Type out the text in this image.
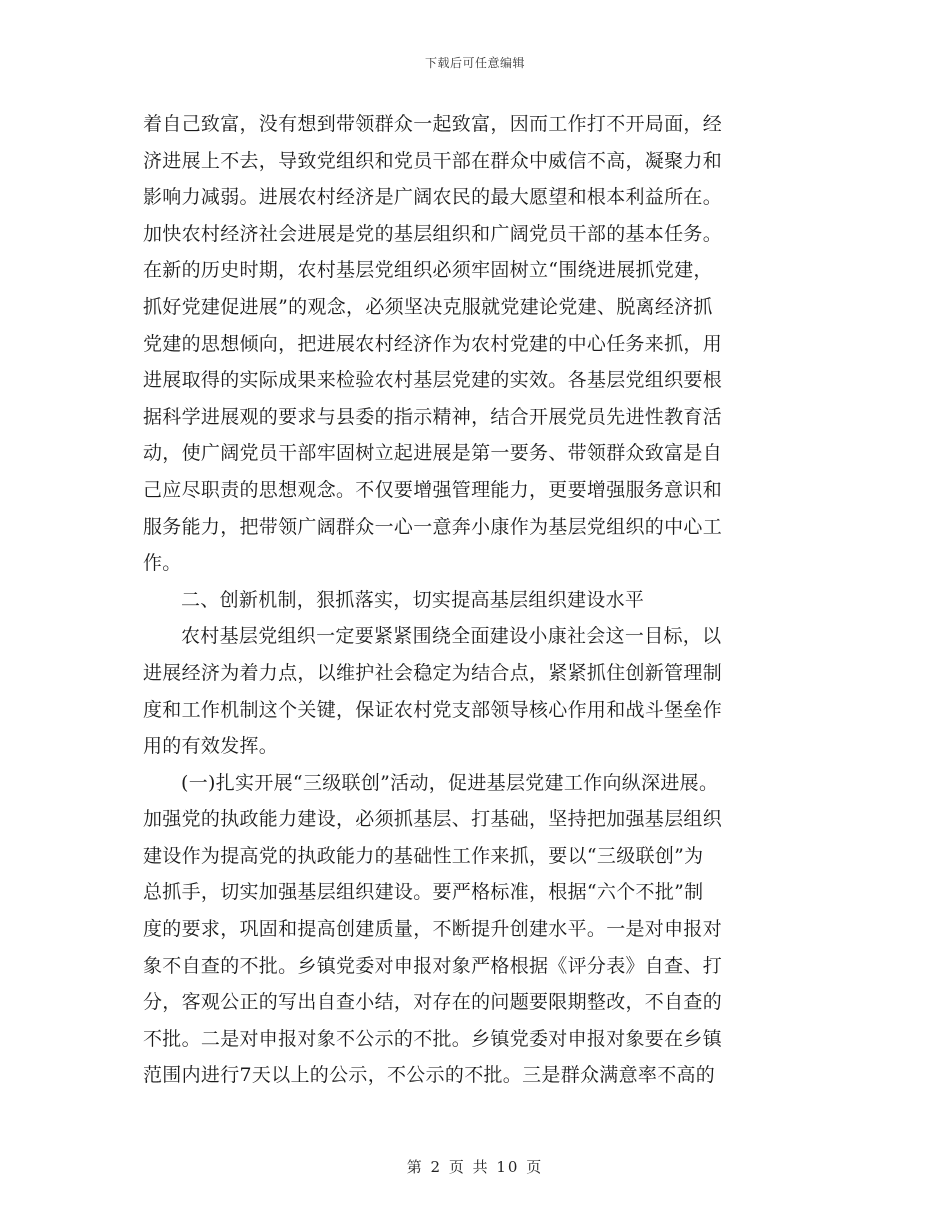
下载后可任意编辑

着自己致富，没有想到带领群众一起致富，因而工作打不开局面，经
济进展上不去，导致党组织和党员干部在群众中威信不高，凝聚力和
影响力减弱。进展农村经济是广阔农民的最大愿望和根本利益所在。
加快农村经济社会进展是党的基层组织和广阔党员干部的基本任务。
在新的历史时期，农村基层党组织必须牢固树立“围绕进展抓党建，
抓好党建促进展”的观念，必须坚决克服就党建论党建、脱离经济抓
党建的思想倾向，把进展农村经济作为农村党建的中心任务来抓，用
进展取得的实际成果来检验农村基层党建的实效。各基层党组织要根
据科学进展观的要求与县委的指示精神，结合开展党员先进性教育活
动，使广阔党员干部牢固树立起进展是第一要务、带领群众致富是自
己应尽职责的思想观念。不仅要增强管理能力，更要增强服务意识和
服务能力，把带领广阔群众一心一意奔小康作为基层党组织的中心工
作。

二、创新机制，狠抓落实，切实提高基层组织建设水平

农村基层党组织一定要紧紧围绕全面建设小康社会这一目标，以
进展经济为着力点，以维护社会稳定为结合点，紧紧抓住创新管理制
度和工作机制这个关键，保证农村党支部领导核心作用和战斗堡垒作
用的有效发挥。

(一)扎实开展“三级联创”活动，促进基层党建工作向纵深进展。
加强党的执政能力建设，必须抓基层、打基础，坚持把加强基层组织
建设作为提高党的执政能力的基础性工作来抓，要以“三级联创”为
总抓手，切实加强基层组织建设。要严格标准，根据“六个不批”制
度的要求，巩固和提高创建质量，不断提升创建水平。一是对申报对
象不自查的不批。乡镇党委对申报对象严格根据《评分表》自查、打
分，客观公正的写出自查小结，对存在的问题要限期整改，不自查的
不批。二是对申报对象不公示的不批。乡镇党委对申报对象要在乡镇
范围内进行7天以上的公示，不公示的不批。三是群众满意率不高的

第 2 页 共 10 页
